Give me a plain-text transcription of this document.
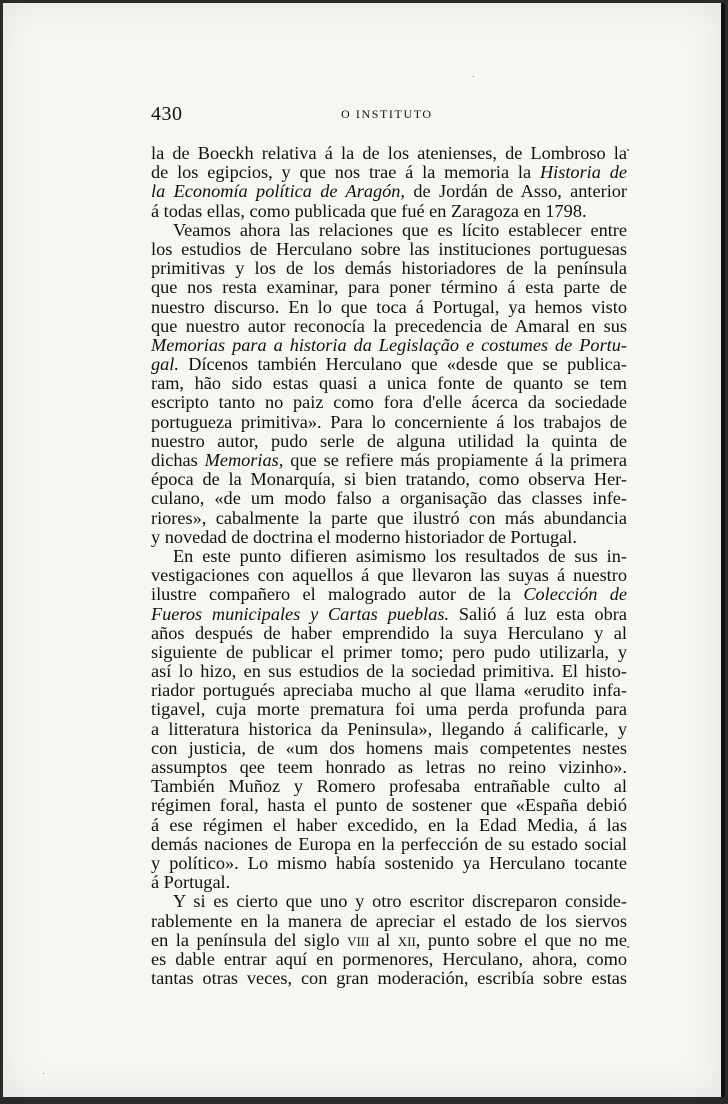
430	O INSTITUTO
la de Boeckh relativa á la de los atenienses, de Lombroso la
de los egipcios, y que nos trae á la memoria la Historia de
la Economía política de Aragón, de Jordán de Asso, anterior
á todas ellas, como publicada que fué en Zaragoza en 1798.
Veamos ahora las relaciones que es lícito establecer entre
los estudios de Herculano sobre las instituciones portuguesas
primitivas y los de los demás historiadores de la península
que nos resta examinar, para poner término á esta parte de
nuestro discurso. En lo que toca á Portugal, ya hemos visto
que nuestro autor reconocía la precedencia de Amaral en sus
Memorias para a historia da Legislação e costumes de Portu-
gal. Dícenos también Herculano que «desde que se publica-
ram, hão sido estas quasi a unica fonte de quanto se tem
escripto tanto no paiz como fora d'elle ácerca da sociedade
portugueza primitiva». Para lo concerniente á los trabajos de
nuestro autor, pudo serle de alguna utilidad la quinta de
dichas Memorias, que se refiere más propiamente á la primera
época de la Monarquía, si bien tratando, como observa Her-
culano, «de um modo falso a organisação das classes infe-
riores», cabalmente la parte que ilustró con más abundancia
y novedad de doctrina el moderno historiador de Portugal.
En este punto difieren asimismo los resultados de sus in-
vestigaciones con aquellos á que llevaron las suyas á nuestro
ilustre compañero el malogrado autor de la Colección de
Fueros municipales y Cartas pueblas. Salió á luz esta obra
años después de haber emprendido la suya Herculano y al
siguiente de publicar el primer tomo; pero pudo utilizarla, y
así lo hizo, en sus estudios de la sociedad primitiva. El histo-
riador portugués apreciaba mucho al que llama «erudito infa-
tigavel, cuja morte prematura foi uma perda profunda para
a litteratura historica da Peninsula», llegando á calificarle, y
con justicia, de «um dos homens mais competentes nestes
assumptos qee teem honrado as letras no reino vizinho».
También Muñoz y Romero profesaba entrañable culto al
régimen foral, hasta el punto de sostener que «España debió
á ese régimen el haber excedido, en la Edad Media, á las
demás naciones de Europa en la perfección de su estado social
y político». Lo mismo había sostenido ya Herculano tocante
á Portugal.
Y si es cierto que uno y otro escritor discreparon conside-
rablemente en la manera de apreciar el estado de los siervos
en la península del siglo viii al xii, punto sobre el que no me
es dable entrar aquí en pormenores, Herculano, ahora, como
tantas otras veces, con gran moderación, escribía sobre estas
